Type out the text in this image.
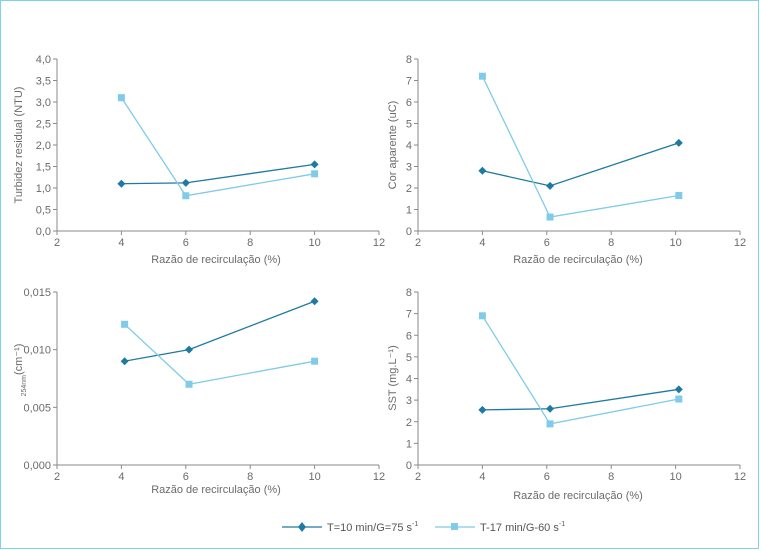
2	4	6	8	10	12
0,0
0,5
1,0
1,5
2,0
2,5
3,0
3,5
4,0
Razão de recirculação (%)
Turbidez residual (NTU)
2	4	6	8	10	12
0
1
2
3
4
5
6
7
8
Razão de recirculação (%)
Cor aparente (uC)
2	4	6	8	10	12
0,000
0,005
0,010
0,015
Razão de recirculação (%)
$_{254nm}$(cm⁻¹)
2	4	6	8	10	12
0
1
2
3
4
5
6
7
8
Razão de recirculação (%)
SST (mg.L⁻¹)
T=10 min/G=75 $s^{-1}$	T-17 min/G-60 $s^{-1}$
